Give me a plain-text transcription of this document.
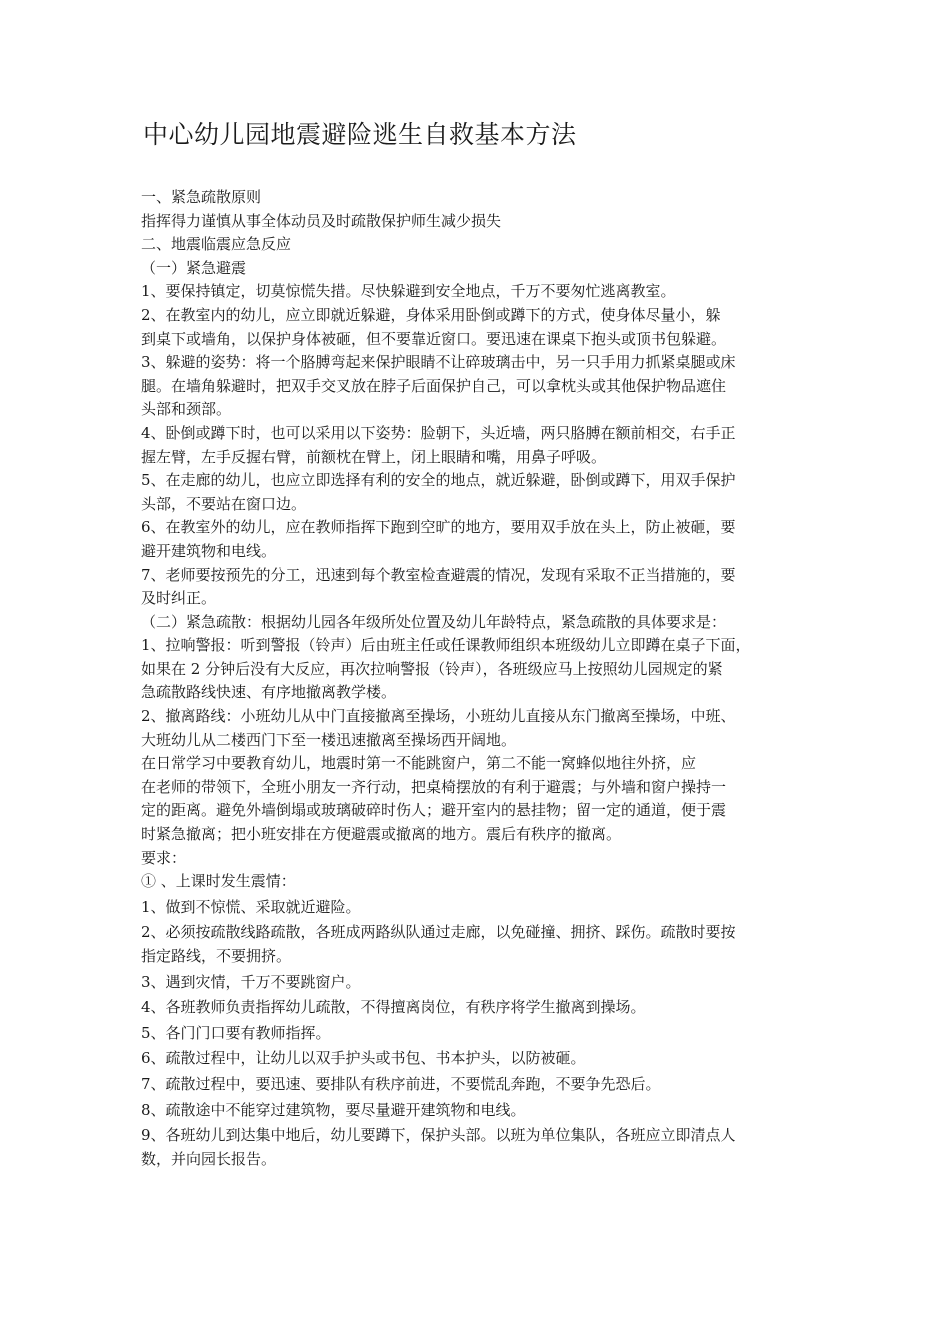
中心幼儿园地震避险逃生自救基本方法
一、紧急疏散原则
指挥得力谨慎从事全体动员及时疏散保护师生减少损失
二、地震临震应急反应
（一）紧急避震
1、要保持镇定，切莫惊慌失措。尽快躲避到安全地点，千万不要匆忙逃离教室。
2、在教室内的幼儿，应立即就近躲避，身体采用卧倒或蹲下的方式，使身体尽量小，躲
到桌下或墙角，以保护身体被砸，但不要靠近窗口。要迅速在课桌下抱头或顶书包躲避。
3、躲避的姿势：将一个胳膊弯起来保护眼睛不让碎玻璃击中，另一只手用力抓紧桌腿或床
腿。在墙角躲避时，把双手交叉放在脖子后面保护自己，可以拿枕头或其他保护物品遮住
头部和颈部。
4、卧倒或蹲下时，也可以采用以下姿势：脸朝下，头近墙，两只胳膊在额前相交，右手正
握左臂，左手反握右臂，前额枕在臂上，闭上眼睛和嘴，用鼻子呼吸。
5、在走廊的幼儿，也应立即选择有利的安全的地点，就近躲避，卧倒或蹲下，用双手保护
头部，不要站在窗口边。
6、在教室外的幼儿，应在教师指挥下跑到空旷的地方，要用双手放在头上，防止被砸，要
避开建筑物和电线。
7、老师要按预先的分工，迅速到每个教室检查避震的情况，发现有采取不正当措施的，要
及时纠正。
（二）紧急疏散：根据幼儿园各年级所处位置及幼儿年龄特点，紧急疏散的具体要求是：
1、拉响警报：听到警报（铃声）后由班主任或任课教师组织本班级幼儿立即蹲在桌子下面，
如果在 2 分钟后没有大反应，再次拉响警报（铃声），各班级应马上按照幼儿园规定的紧
急疏散路线快速、有序地撤离教学楼。
2、撤离路线：小班幼儿从中门直接撤离至操场，小班幼儿直接从东门撤离至操场，中班、
大班幼儿从二楼西门下至一楼迅速撤离至操场西开阔地。
在日常学习中要教育幼儿，地震时第一不能跳窗户，第二不能一窝蜂似地往外挤，应
在老师的带领下，全班小朋友一齐行动，把桌椅摆放的有利于避震；与外墙和窗户操持一
定的距离。避免外墙倒塌或玻璃破碎时伤人；避开室内的悬挂物；留一定的通道，便于震
时紧急撤离；把小班安排在方便避震或撤离的地方。震后有秩序的撤离。
要求：
① 、上课时发生震情：
1、做到不惊慌、采取就近避险。
2、必须按疏散线路疏散，各班成两路纵队通过走廊，以免碰撞、拥挤、踩伤。疏散时要按
指定路线，不要拥挤。
3、遇到灾情，千万不要跳窗户。
4、各班教师负责指挥幼儿疏散，不得擅离岗位，有秩序将学生撤离到操场。
5、各门门口要有教师指挥。
6、疏散过程中，让幼儿以双手护头或书包、书本护头，以防被砸。
7、疏散过程中，要迅速、要排队有秩序前进，不要慌乱奔跑，不要争先恐后。
8、疏散途中不能穿过建筑物，要尽量避开建筑物和电线。
9、各班幼儿到达集中地后，幼儿要蹲下，保护头部。以班为单位集队，各班应立即清点人
数，并向园长报告。
